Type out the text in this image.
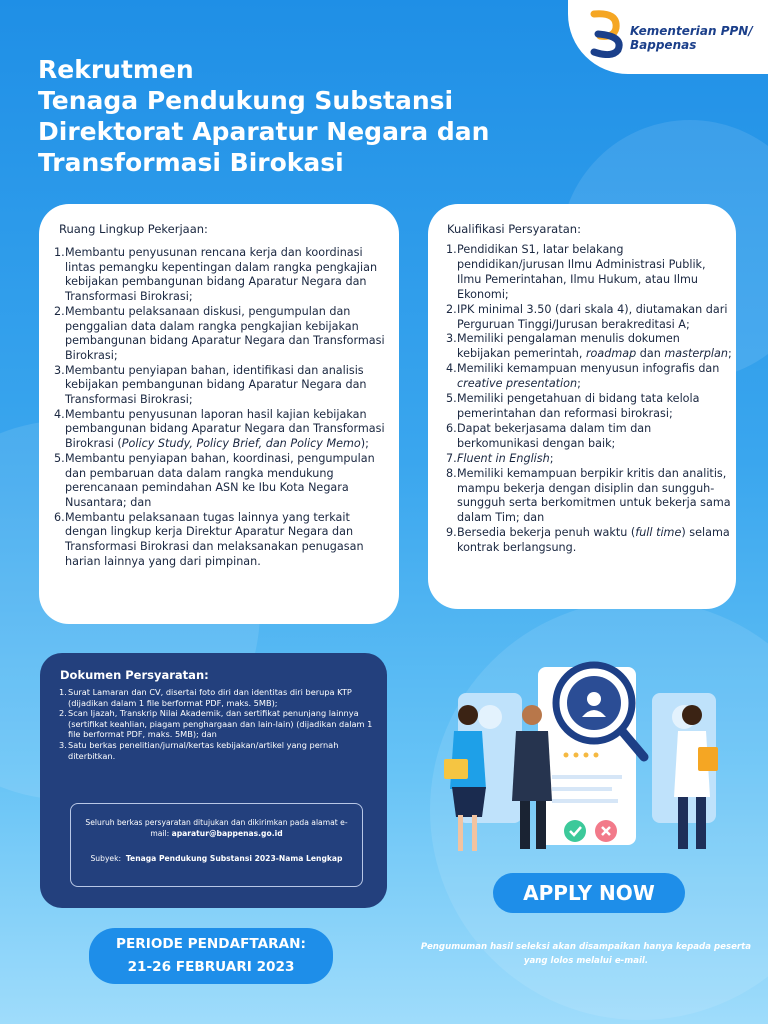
Kementerian PPN/
Bappenas
Rekrutmen
Tenaga Pendukung Substansi
Direktorat Aparatur Negara dan
Transformasi Birokasi
Ruang Lingkup Pekerjaan:
1. Membantu penyusunan rencana kerja dan koordinasi lintas pemangku kepentingan dalam rangka pengkajian kebijakan pembangunan bidang Aparatur Negara dan Transformasi Birokrasi;
2. Membantu pelaksanaan diskusi, pengumpulan dan penggalian data dalam rangka pengkajian kebijakan pembangunan bidang Aparatur Negara dan Transformasi Birokrasi;
3. Membantu penyiapan bahan, identifikasi dan analisis kebijakan pembangunan bidang Aparatur Negara dan Transformasi Birokrasi;
4. Membantu penyusunan laporan hasil kajian kebijakan pembangunan bidang Aparatur Negara dan Transformasi Birokrasi (Policy Study, Policy Brief, dan Policy Memo);
5. Membantu penyiapan bahan, koordinasi, pengumpulan dan pembaruan data dalam rangka mendukung perencanaan pemindahan ASN ke Ibu Kota Negara Nusantara; dan
6. Membantu pelaksanaan tugas lainnya yang terkait dengan lingkup kerja Direktur Aparatur Negara dan Transformasi Birokrasi dan melaksanakan penugasan harian lainnya yang dari pimpinan.
Kualifikasi Persyaratan:
1. Pendidikan S1, latar belakang pendidikan/jurusan Ilmu Administrasi Publik, Ilmu Pemerintahan, Ilmu Hukum, atau Ilmu Ekonomi;
2. IPK minimal 3.50 (dari skala 4), diutamakan dari Perguruan Tinggi/Jurusan berakreditasi A;
3. Memiliki pengalaman menulis dokumen kebijakan pemerintah, roadmap dan masterplan;
4. Memiliki kemampuan menyusun infografis dan creative presentation;
5. Memiliki pengetahuan di bidang tata kelola pemerintahan dan reformasi birokrasi;
6. Dapat bekerjasama dalam tim dan berkomunikasi dengan baik;
7. Fluent in English;
8. Memiliki kemampuan berpikir kritis dan analitis, mampu bekerja dengan disiplin dan sungguh-sungguh serta berkomitmen untuk bekerja sama dalam Tim; dan
9. Bersedia bekerja penuh waktu (full time) selama kontrak berlangsung.
Dokumen Persyaratan:
1. Surat Lamaran dan CV, disertai foto diri dan identitas diri berupa KTP (dijadikan dalam 1 file berformat PDF, maks. 5MB);
2. Scan Ijazah, Transkrip Nilai Akademik, dan sertifikat penunjang lainnya (sertifikat keahlian, piagam penghargaan dan lain-lain) (dijadikan dalam 1 file berformat PDF, maks. 5MB); dan
3. Satu berkas penelitian/jurnal/kertas kebijakan/artikel yang pernah diterbitkan.
Seluruh berkas persyaratan ditujukan dan dikirimkan pada alamat e-mail: aparatur@bappenas.go.id
Subyek: Tenaga Pendukung Substansi 2023-Nama Lengkap
APPLY NOW
PERIODE PENDAFTARAN:
21-26 FEBRUARI 2023
Pengumuman hasil seleksi akan disampaikan hanya kepada peserta yang lolos melalui e-mail.
